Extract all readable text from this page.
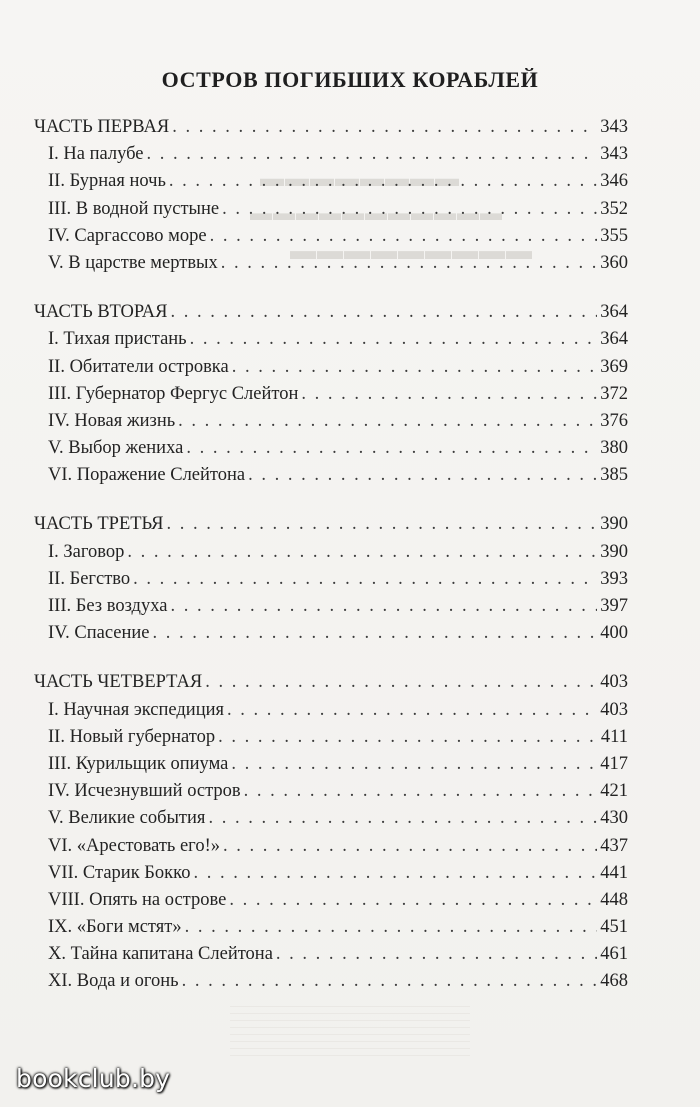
▬▬▬▬▬▬▬▬
▬▬▬▬▬▬▬▬▬▬▬
▬▬▬▬▬▬▬▬▬
ОСТРОВ ПОГИБШИХ КОРАБЛЕЙ
ЧАСТЬ ПЕРВАЯ . . .	343
I. На палубе . . .	343
II. Бурная ночь . . .	346
III. В водной пустыне . . .	352
IV. Саргассово море . . .	355
V. В царстве мертвых . . .	360
ЧАСТЬ ВТОРАЯ . . .	364
I. Тихая пристань . . .	364
II. Обитатели островка . . .	369
III. Губернатор Фергус Слейтон . . .	372
IV. Новая жизнь . . .	376
V. Выбор жениха . . .	380
VI. Поражение Слейтона . . .	385
ЧАСТЬ ТРЕТЬЯ . . .	390
I. Заговор . . .	390
II. Бегство . . .	393
III. Без воздуха . . .	397
IV. Спасение . . .	400
ЧАСТЬ ЧЕТВЕРТАЯ . . .	403
I. Научная экспедиция . . .	403
II. Новый губернатор . . .	411
III. Курильщик опиума . . .	417
IV. Исчезнувший остров . . .	421
V. Великие события . . .	430
VI. «Арестовать его!» . . .	437
VII. Старик Бокко . . .	441
VIII. Опять на острове . . .	448
IX. «Боги мстят» . . .	451
X. Тайна капитана Слейтона . . .	461
XI. Вода и огонь . . .	468
bookclub.by
